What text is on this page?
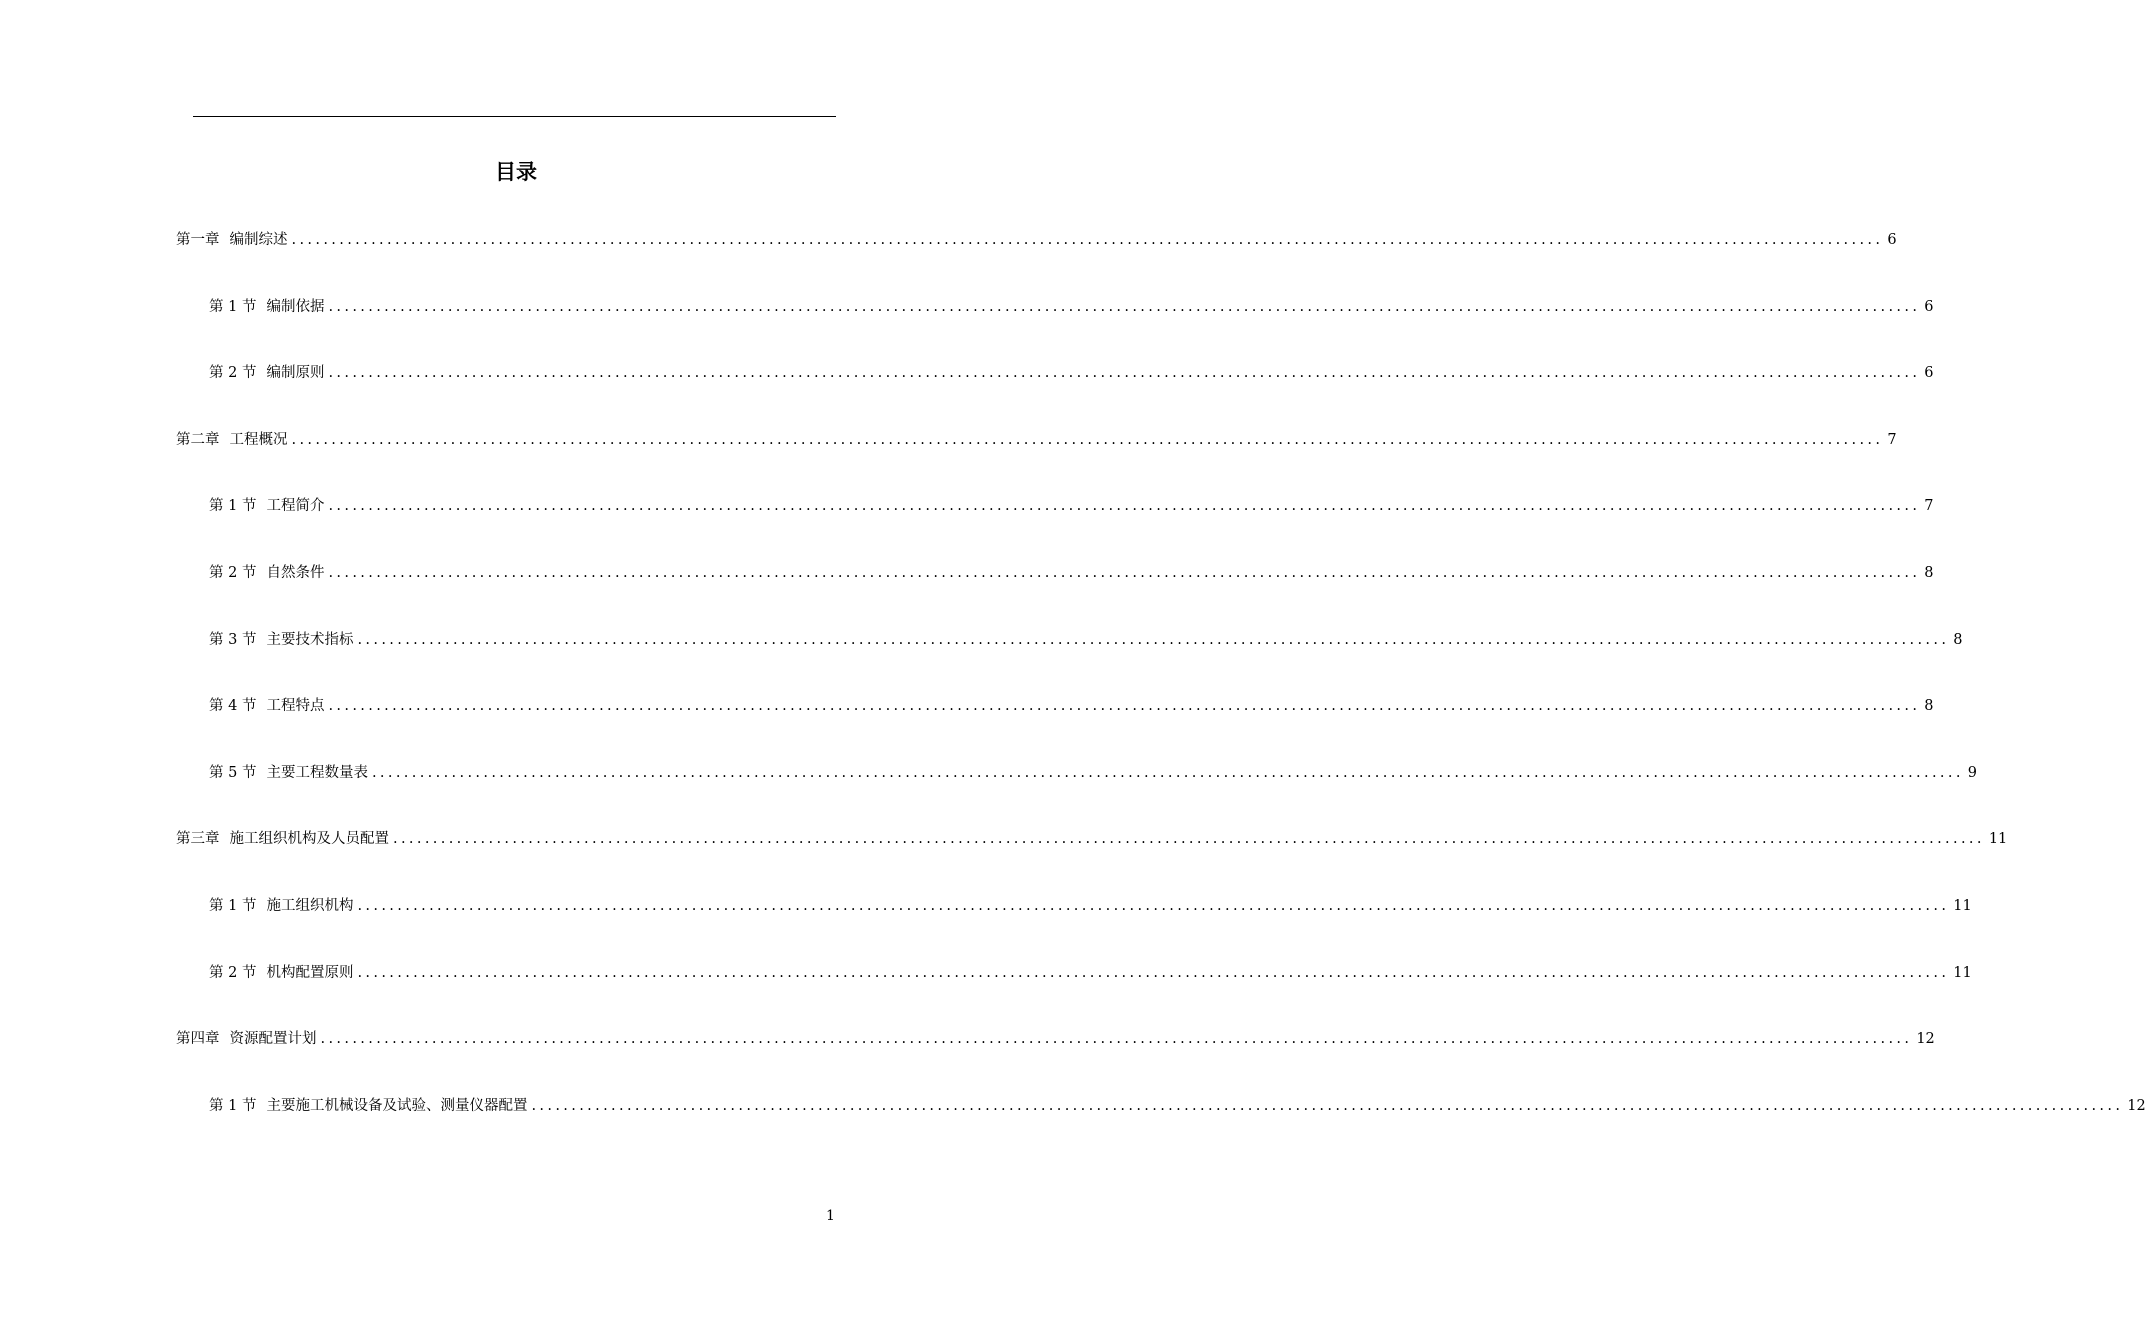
目录
第一章 编制综述 ........................................................................................................................................................................................................ 6
第 1 节 编制依据 ........................................................................................................................................................................................................ 6
第 2 节 编制原则 ........................................................................................................................................................................................................ 6
第二章 工程概况 ........................................................................................................................................................................................................ 7
第 1 节 工程简介 ........................................................................................................................................................................................................ 7
第 2 节 自然条件 ........................................................................................................................................................................................................ 8
第 3 节 主要技术指标 ........................................................................................................................................................................................................ 8
第 4 节 工程特点 ........................................................................................................................................................................................................ 8
第 5 节 主要工程数量表 ........................................................................................................................................................................................................ 9
第三章 施工组织机构及人员配置 ........................................................................................................................................................................................................ 11
第 1 节 施工组织机构 ........................................................................................................................................................................................................ 11
第 2 节 机构配置原则 ........................................................................................................................................................................................................ 11
第四章 资源配置计划 ........................................................................................................................................................................................................ 12
第 1 节 主要施工机械设备及试验、测量仪器配置 ........................................................................................................................................................................................................ 12
1
